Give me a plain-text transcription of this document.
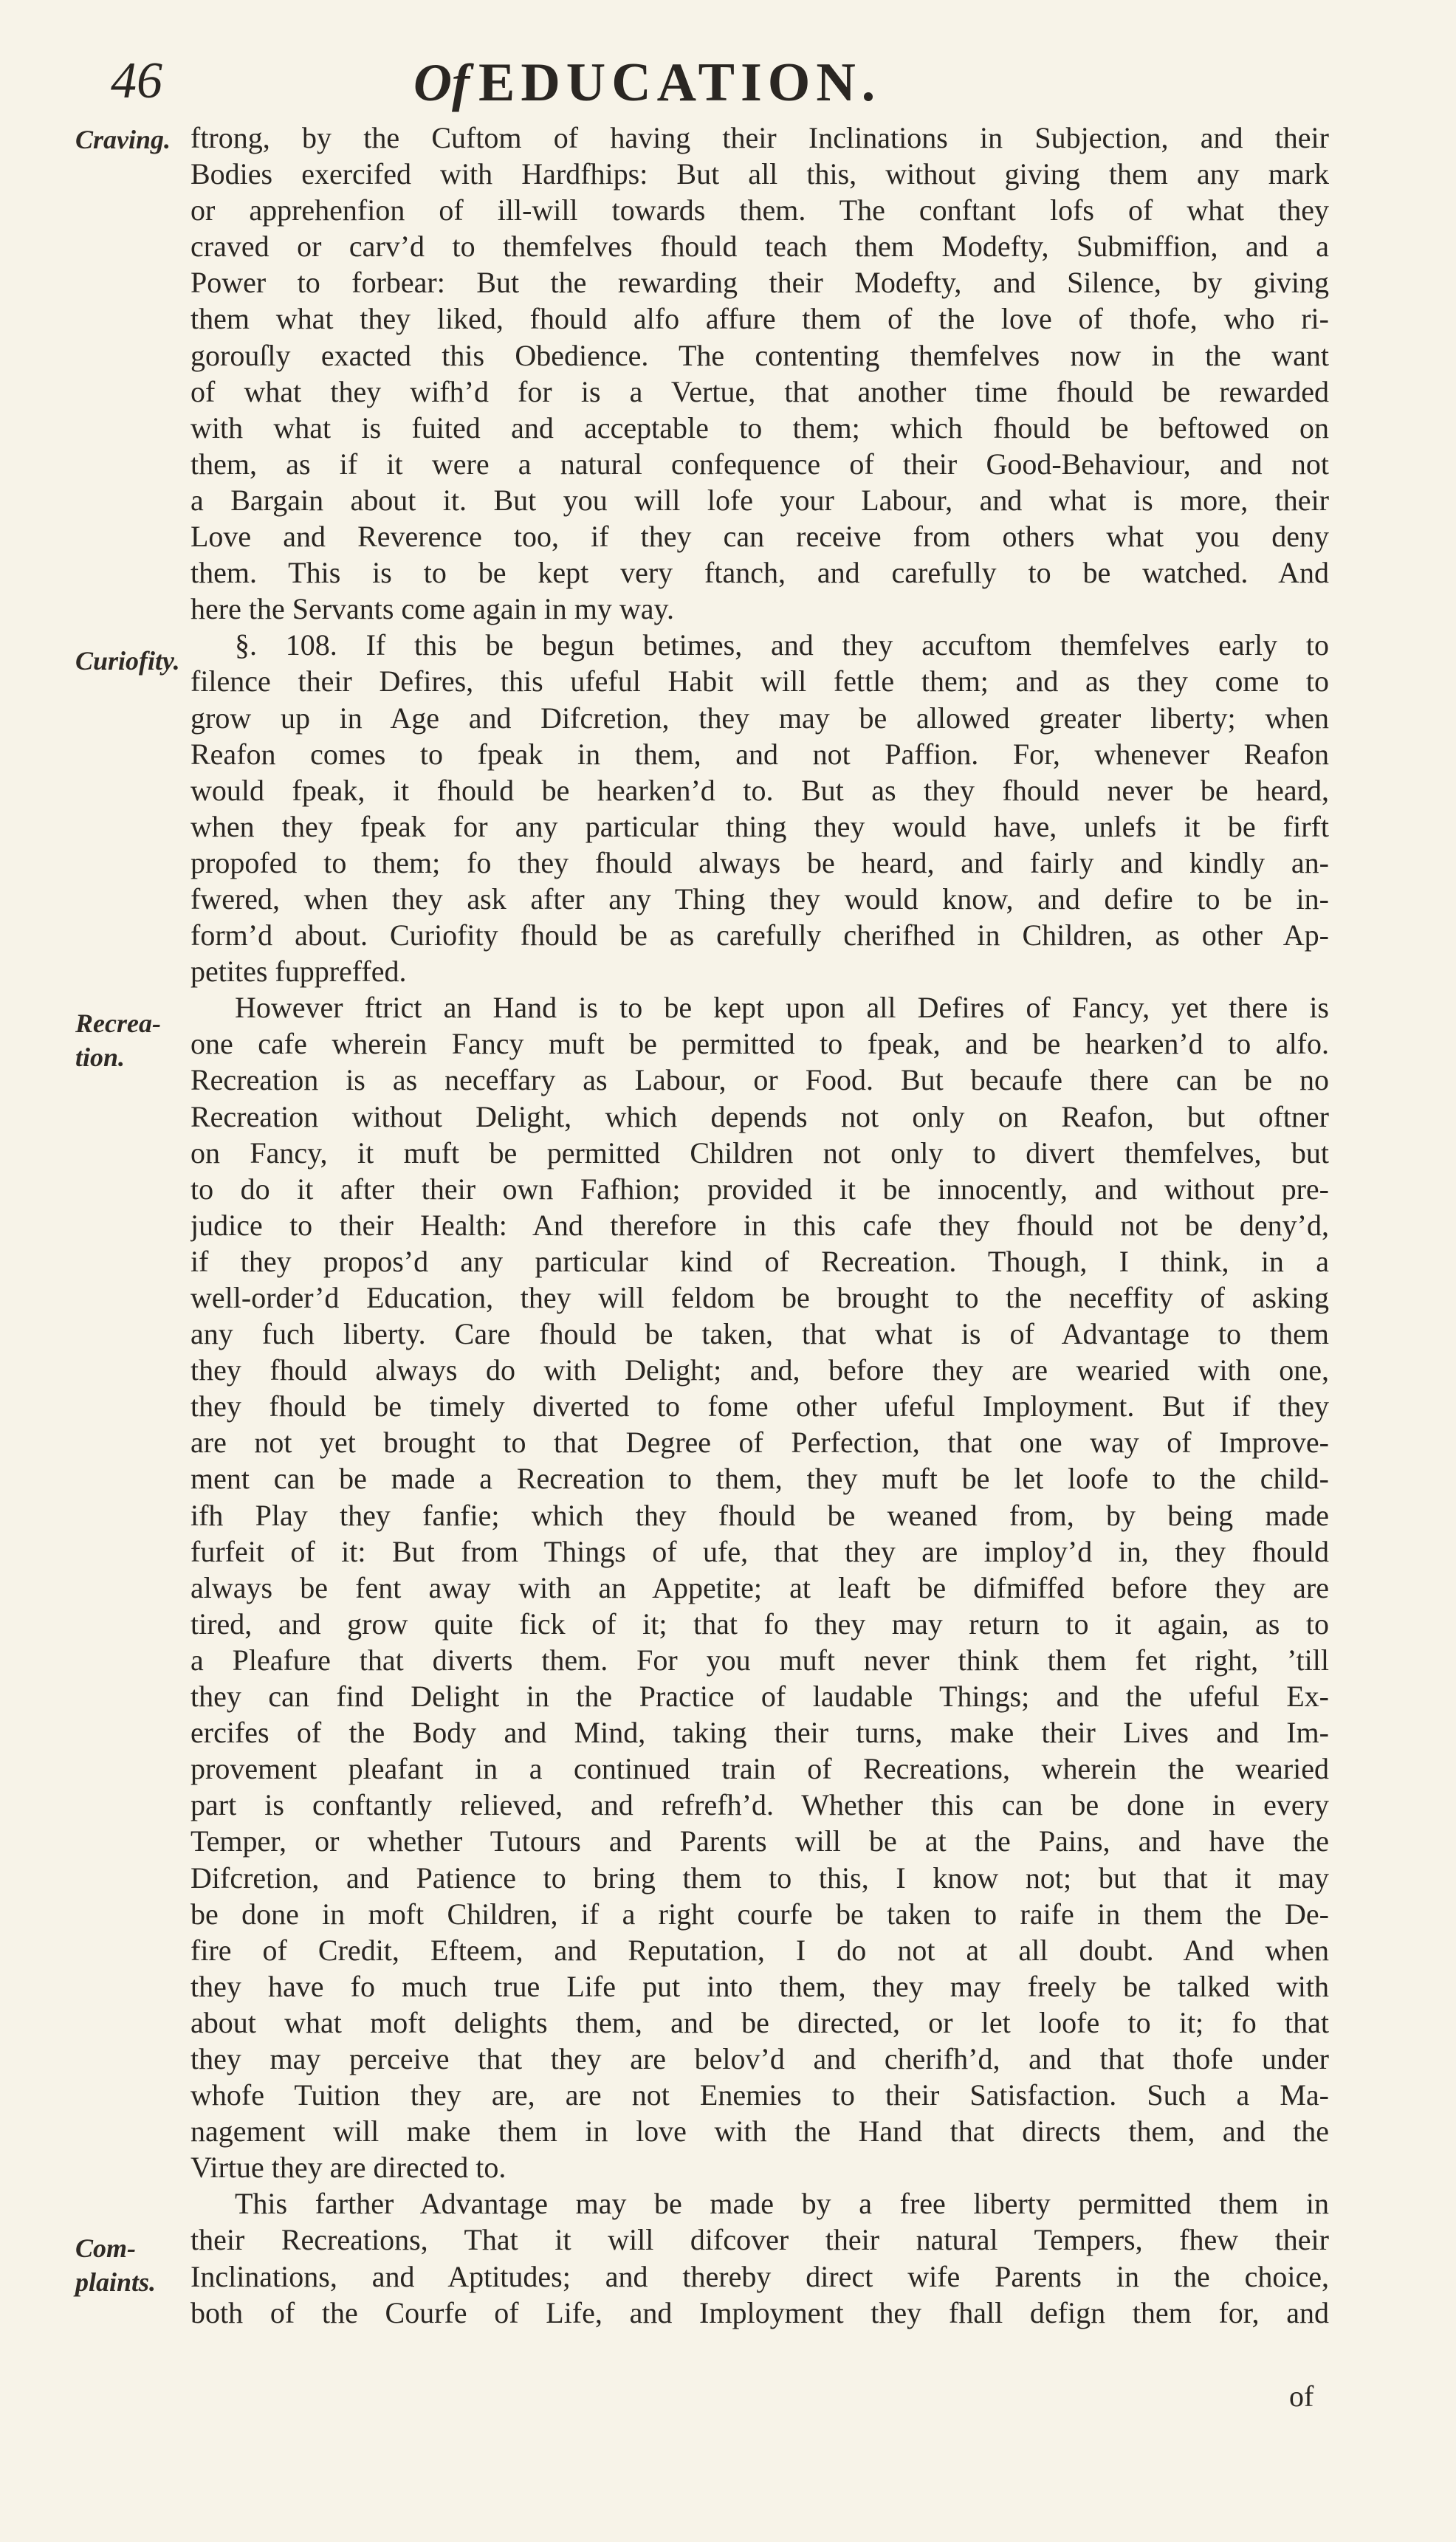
46	Of EDUCATION.
Craving.
Curiofity.
Recrea-
tion.
Com-
plaints.
ftrong, by the Cuftom of having their Inclinations in Subjection, and their
Bodies exercifed with Hardfhips: But all this, without giving them any mark
or apprehenfion of ill-will towards them. The conftant lofs of what they
craved or carv’d to themfelves fhould teach them Modefty, Submiffion, and a
Power to forbear: But the rewarding their Modefty, and Silence, by giving
them what they liked, fhould alfo affure them of the love of thofe, who ri-
gorouſly exacted this Obedience. The contenting themfelves now in the want
of what they wifh’d for is a Vertue, that another time fhould be rewarded
with what is fuited and acceptable to them; which fhould be beftowed on
them, as if it were a natural confequence of their Good-Behaviour, and not
a Bargain about it. But you will lofe your Labour, and what is more, their
Love and Reverence too, if they can receive from others what you deny
them. This is to be kept very ftanch, and carefully to be watched. And
here the Servants come again in my way.
§. 108. If this be begun betimes, and they accuftom themfelves early to
filence their Defires, this ufeful Habit will fettle them; and as they come to
grow up in Age and Difcretion, they may be allowed greater liberty; when
Reafon comes to fpeak in them, and not Paffion. For, whenever Reafon
would fpeak, it fhould be hearken’d to. But as they fhould never be heard,
when they fpeak for any particular thing they would have, unlefs it be firft
propofed to them; fo they fhould always be heard, and fairly and kindly an-
fwered, when they ask after any Thing they would know, and defire to be in-
form’d about. Curiofity fhould be as carefully cherifhed in Children, as other Ap-
petites fuppreffed.
However ftrict an Hand is to be kept upon all Defires of Fancy, yet there is
one cafe wherein Fancy muft be permitted to fpeak, and be hearken’d to alfo.
Recreation is as neceffary as Labour, or Food. But becaufe there can be no
Recreation without Delight, which depends not only on Reafon, but oftner
on Fancy, it muft be permitted Children not only to divert themfelves, but
to do it after their own Fafhion; provided it be innocently, and without pre-
judice to their Health: And therefore in this cafe they fhould not be deny’d,
if they propos’d any particular kind of Recreation. Though, I think, in a
well-order’d Education, they will feldom be brought to the neceffity of asking
any fuch liberty. Care fhould be taken, that what is of Advantage to them
they fhould always do with Delight; and, before they are wearied with one,
they fhould be timely diverted to fome other ufeful Imployment. But if they
are not yet brought to that Degree of Perfection, that one way of Improve-
ment can be made a Recreation to them, they muft be let loofe to the child-
ifh Play they fanfie; which they fhould be weaned from, by being made
furfeit of it: But from Things of ufe, that they are imploy’d in, they fhould
always be fent away with an Appetite; at leaft be difmiffed before they are
tired, and grow quite fick of it; that fo they may return to it again, as to
a Pleafure that diverts them. For you muft never think them fet right, ’till
they can find Delight in the Practice of laudable Things; and the ufeful Ex-
ercifes of the Body and Mind, taking their turns, make their Lives and Im-
provement pleafant in a continued train of Recreations, wherein the wearied
part is conftantly relieved, and refrefh’d. Whether this can be done in every
Temper, or whether Tutours and Parents will be at the Pains, and have the
Difcretion, and Patience to bring them to this, I know not; but that it may
be done in moft Children, if a right courfe be taken to raife in them the De-
fire of Credit, Efteem, and Reputation, I do not at all doubt. And when
they have fo much true Life put into them, they may freely be talked with
about what moft delights them, and be directed, or let loofe to it; fo that
they may perceive that they are belov’d and cherifh’d, and that thofe under
whofe Tuition they are, are not Enemies to their Satisfaction. Such a Ma-
nagement will make them in love with the Hand that directs them, and the
Virtue they are directed to.
This farther Advantage may be made by a free liberty permitted them in
their Recreations, That it will difcover their natural Tempers, fhew their
Inclinations, and Aptitudes; and thereby direct wife Parents in the choice,
both of the Courfe of Life, and Imployment they fhall defign them for, and
of
